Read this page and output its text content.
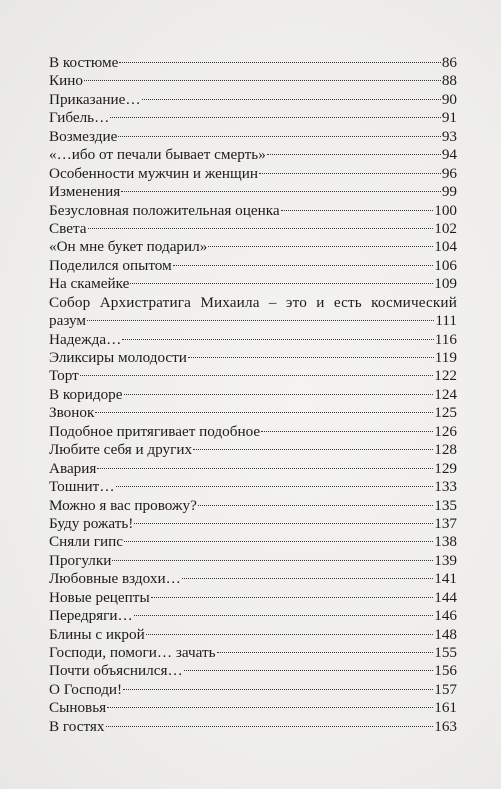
В костюме	86
Кино	88
Приказание…	90
Гибель…	91
Возмездие	93
«…ибо от печали бывает смерть»	94
Особенности мужчин и женщин	96
Изменения	99
Безусловная положительная оценка	100
Света	102
«Он мне букет подарил»	104
Поделился опытом	106
На скамейке	109
Собор Архистратига Михаила – это и есть космический
разум	111
Надежда…	116
Эликсиры молодости	119
Торт	122
В коридоре	124
Звонок	125
Подобное притягивает подобное	126
Любите себя и других	128
Авария	129
Тошнит…	133
Можно я вас провожу?	135
Буду рожать!	137
Сняли гипс	138
Прогулки	139
Любовные вздохи…	141
Новые рецепты	144
Передряги…	146
Блины с икрой	148
Господи, помоги… зачать	155
Почти объяснился…	156
О Господи!	157
Сыновья	161
В гостях	163
